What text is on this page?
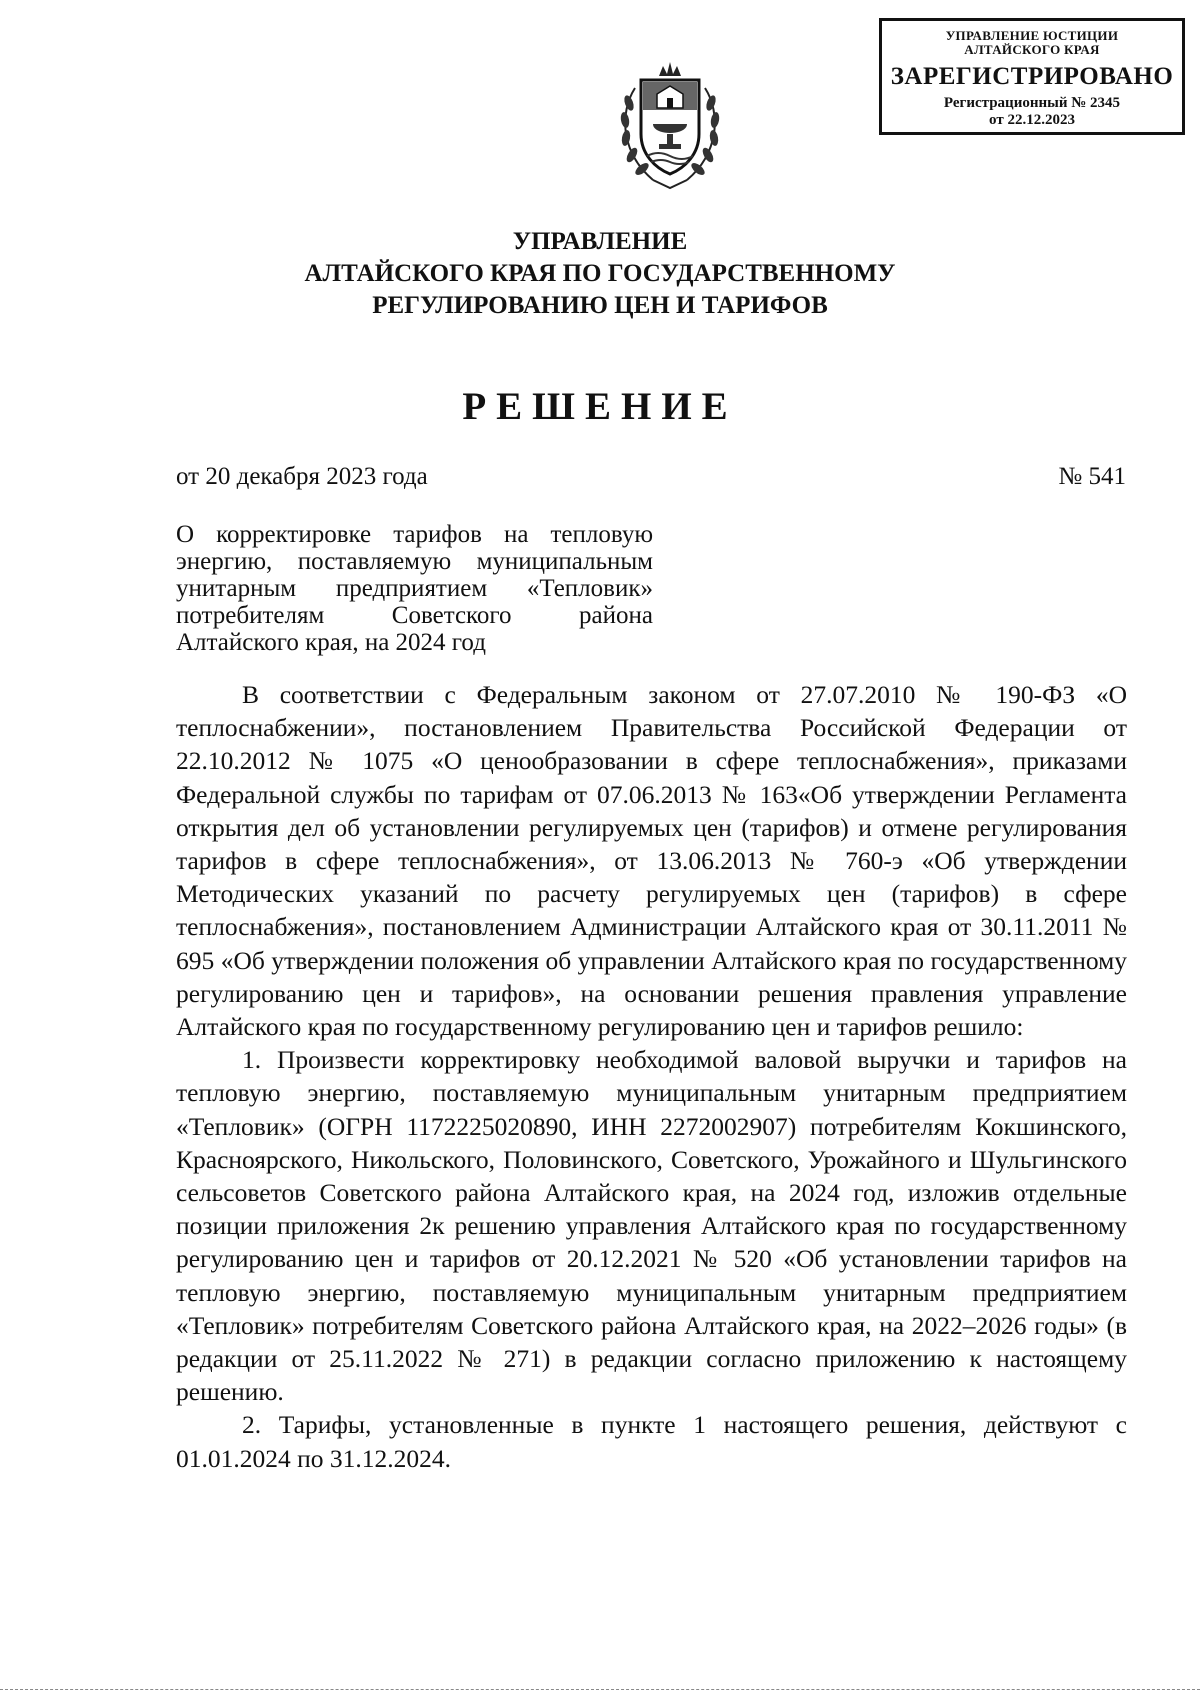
УПРАВЛЕНИЕ ЮСТИЦИИ
АЛТАЙСКОГО КРАЯ
ЗАРЕГИСТРИРОВАНО
Регистрационный № 2345
от 22.12.2023
УПРАВЛЕНИЕ
АЛТАЙСКОГО КРАЯ ПО ГОСУДАРСТВЕННОМУ
РЕГУЛИРОВАНИЮ ЦЕН И ТАРИФОВ
РЕШЕНИЕ
от 20 декабря 2023 года	№ 541
О корректировке тарифов на тепловую энергию, поставляемую муниципальным унитарным предприятием «Тепловик» потребителям Советского района Алтайского края, на 2024 год

В соответствии с Федеральным законом от 27.07.2010 № 190-ФЗ «О теплоснабжении», постановлением Правительства Российской Федерации от 22.10.2012 № 1075 «О ценообразовании в сфере теплоснабжения», приказами Федеральной службы по тарифам от 07.06.2013 № 163«Об утверждении Регламента открытия дел об установлении регулируемых цен (тарифов) и отмене регулирования тарифов в сфере теплоснабжения», от 13.06.2013 № 760-э «Об утверждении Методических указаний по расчету регулируемых цен (тарифов) в сфере теплоснабжения», постановлением Администрации Алтайского края от 30.11.2011 № 695 «Об утверждении положения об управлении Алтайского края по государственному регулированию цен и тарифов», на основании решения правления управление Алтайского края по государственному регулированию цен и тарифов решило:

1. Произвести корректировку необходимой валовой выручки и тарифов на тепловую энергию, поставляемую муниципальным унитарным предприятием «Тепловик» (ОГРН 1172225020890, ИНН 2272002907) потребителям Кокшинского, Красноярского, Никольского, Половинского, Советского, Урожайного и Шульгинского сельсоветов Советского района Алтайского края, на 2024 год, изложив отдельные позиции приложения 2к решению управления Алтайского края по государственному регулированию цен и тарифов от 20.12.2021 № 520 «Об установлении тарифов на тепловую энергию, поставляемую муниципальным унитарным предприятием «Тепловик» потребителям Советского района Алтайского края, на 2022–2026 годы» (в редакции от 25.11.2022 № 271) в редакции согласно приложению к настоящему решению.

2. Тарифы, установленные в пункте 1 настоящего решения, действуют с 01.01.2024 по 31.12.2024.
